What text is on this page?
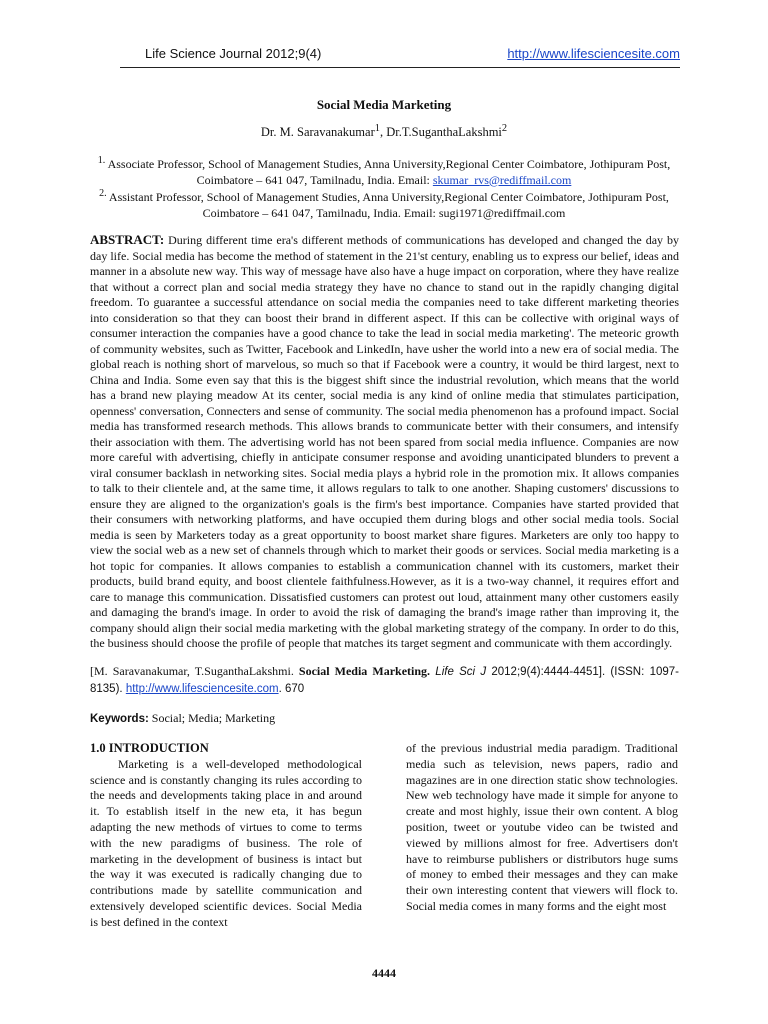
Life Science Journal 2012;9(4)	http://www.lifesciencesite.com
Social Media Marketing
Dr. M. Saravanakumar$^1$, Dr.T.SuganthaLakshmi$^2$
$^{1.}$ Associate Professor, School of Management Studies, Anna University,Regional Center Coimbatore, Jothipuram Post, Coimbatore – 641 047, Tamilnadu, India. Email: skumar_rvs@rediffmail.com
$^{2.}$ Assistant Professor, School of Management Studies, Anna University,Regional Center Coimbatore, Jothipuram Post, Coimbatore – 641 047, Tamilnadu, India. Email: sugi1971@rediffmail.com
ABSTRACT: During different time era's different methods of communications has developed and changed the day by day life. Social media has become the method of statement in the 21'st century, enabling us to express our belief, ideas and manner in a absolute new way. This way of message have also have a huge impact on corporation, where they have realize that without a correct plan and social media strategy they have no chance to stand out in the rapidly changing digital freedom. To guarantee a successful attendance on social media the companies need to take different marketing theories into consideration so that they can boost their brand in different aspect. If this can be collective with original ways of consumer interaction the companies have a good chance to take the lead in social media marketing'. The meteoric growth of community websites, such as Twitter, Facebook and LinkedIn, have usher the world into a new era of social media. The global reach is nothing short of marvelous, so much so that if Facebook were a country, it would be third largest, next to China and India. Some even say that this is the biggest shift since the industrial revolution, which means that the world has a brand new playing meadow At its center, social media is any kind of online media that stimulates participation, openness' conversation, Connecters and sense of community. The social media phenomenon has a profound impact. Social media has transformed research methods. This allows brands to communicate better with their consumers, and intensify their association with them. The advertising world has not been spared from social media influence. Companies are now more careful with advertising, chiefly in anticipate consumer response and avoiding unanticipated blunders to prevent a viral consumer backlash in networking sites. Social media plays a hybrid role in the promotion mix. It allows companies to talk to their clientele and, at the same time, it allows regulars to talk to one another. Shaping customers' discussions to ensure they are aligned to the organization's goals is the firm's best importance. Companies have started provided that their consumers with networking platforms, and have occupied them during blogs and other social media tools. Social media is seen by Marketers today as a great opportunity to boost market share figures. Marketers are only too happy to view the social web as a new set of channels through which to market their goods or services. Social media marketing is a hot topic for companies. It allows companies to establish a communication channel with its customers, market their products, build brand equity, and boost clientele faithfulness.However, as it is a two-way channel, it requires effort and care to manage this communication. Dissatisfied customers can protest out loud, attainment many other customers easily and damaging the brand's image. In order to avoid the risk of damaging the brand's image rather than improving it, the company should align their social media marketing with the global marketing strategy of the company. In order to do this, the business should choose the profile of people that matches its target segment and communicate with them accordingly.
[M. Saravanakumar, T.SuganthaLakshmi. Social Media Marketing. Life Sci J 2012;9(4):4444-4451]. (ISSN: 1097-8135). http://www.lifesciencesite.com. 670
Keywords: Social; Media; Marketing
1.0 INTRODUCTION

Marketing is a well-developed methodological science and is constantly changing its rules according to the needs and developments taking place in and around it. To establish itself in the new eta, it has begun adapting the new methods of virtues to come to terms with the new paradigms of business. The role of marketing in the development of business is intact but the way it was executed is radically changing due to contributions made by satellite communication and extensively developed scientific devices. Social Media is best defined in the context

of the previous industrial media paradigm. Traditional media such as television, news papers, radio and magazines are in one direction static show technologies. New web technology have made it simple for anyone to create and most highly, issue their own content. A blog position, tweet or youtube video can be twisted and viewed by millions almost for free. Advertisers don't have to reimburse publishers or distributors huge sums of money to embed their messages and they can make their own interesting content that viewers will flock to. Social media comes in many forms and the eight most

4444
